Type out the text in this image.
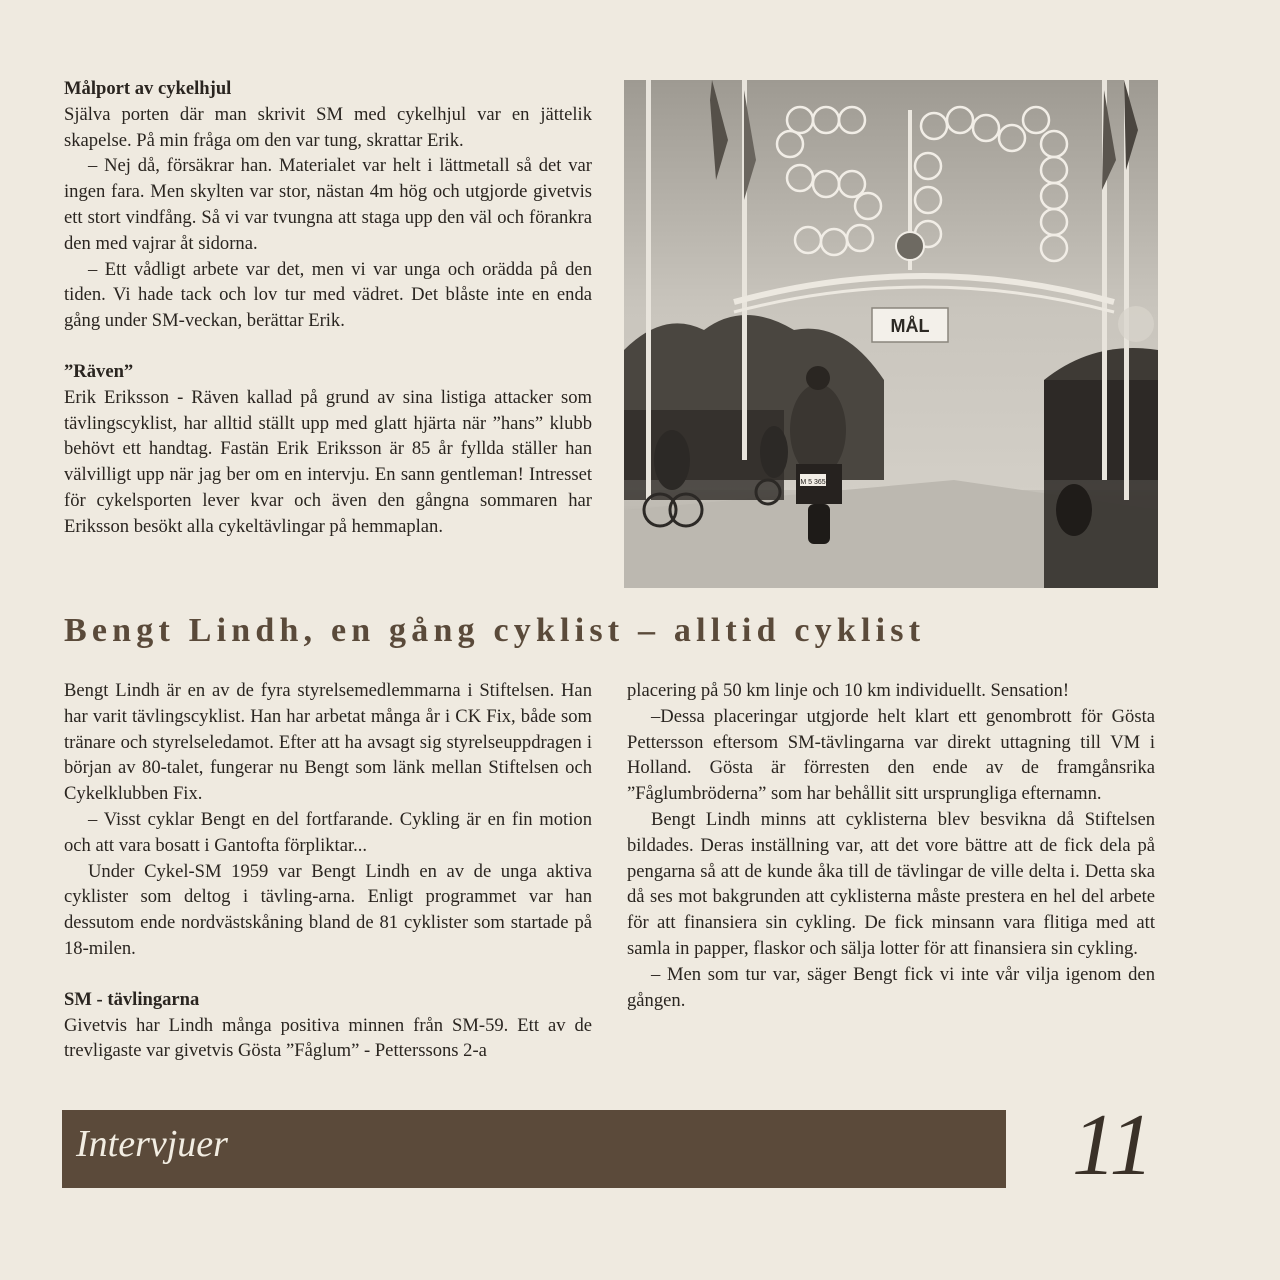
Målport av cykelhjul

Själva porten där man skrivit SM med cykelhjul var en jättelik skapelse. På min fråga om den var tung, skrattar Erik.

– Nej då, försäkrar han. Materialet var helt i lättmetall så det var ingen fara. Men skylten var stor, nästan 4m hög och utgjorde givetvis ett stort vindfång. Så vi var tvungna att staga upp den väl och förankra den med vajrar åt sidorna.

– Ett vådligt arbete var det, men vi var unga och orädda på den tiden. Vi hade tack och lov tur med vädret. Det blåste inte en enda gång under SM-veckan, berättar Erik.

”Räven”

Erik Eriksson - Räven kallad på grund av sina listiga attacker som tävlingscyklist, har alltid ställt upp med glatt hjärta när ”hans” klubb behövt ett handtag. Fastän Erik Eriksson är 85 år fyllda ställer han välvilligt upp när jag ber om en intervju. En sann gentleman! Intresset för cykelsporten lever kvar och även den gångna sommaren har Eriksson besökt alla cykeltävlingar på hemmaplan.

MÅL
M 5 365
Bengt Lindh, en gång cyklist – alltid cyklist

Bengt Lindh är en av de fyra styrelsemedlemmarna i Stiftelsen. Han har varit tävlingscyklist. Han har arbetat många år i CK Fix, både som tränare och styrelseledamot. Efter att ha avsagt sig styrelseuppdragen i början av 80-talet, fungerar nu Bengt som länk mellan Stiftelsen och Cykelklubben Fix.

– Visst cyklar Bengt en del fortfarande. Cykling är en fin motion och att vara bosatt i Gantofta förpliktar...

Under Cykel-SM 1959 var Bengt Lindh en av de unga aktiva cyklister som deltog i tävling-arna. Enligt programmet var han dessutom ende nordvästskåning bland de 81 cyklister som startade på 18-milen.

SM - tävlingarna

Givetvis har Lindh många positiva minnen från SM-59. Ett av de trevligaste var givetvis Gösta ”Fåglum” - Petterssons 2-a

placering på 50 km linje och 10 km individuellt. Sensation!

–Dessa placeringar utgjorde helt klart ett genombrott för Gösta Pettersson eftersom SM-tävlingarna var direkt uttagning till VM i Holland. Gösta är förresten den ende av de framgånsrika ”Fåglumbröderna” som har behållit sitt ursprungliga efternamn.

Bengt Lindh minns att cyklisterna blev besvikna då Stiftelsen bildades. Deras inställning var, att det vore bättre att de fick dela på pengarna så att de kunde åka till de tävlingar de ville delta i. Detta ska då ses mot bakgrunden att cyklisterna måste prestera en hel del arbete för att finansiera sin cykling. De fick minsann vara flitiga med att samla in papper, flaskor och sälja lotter för att finansiera sin cykling.

– Men som tur var, säger Bengt fick vi inte vår vilja igenom den gången.

Intervjuer	11
